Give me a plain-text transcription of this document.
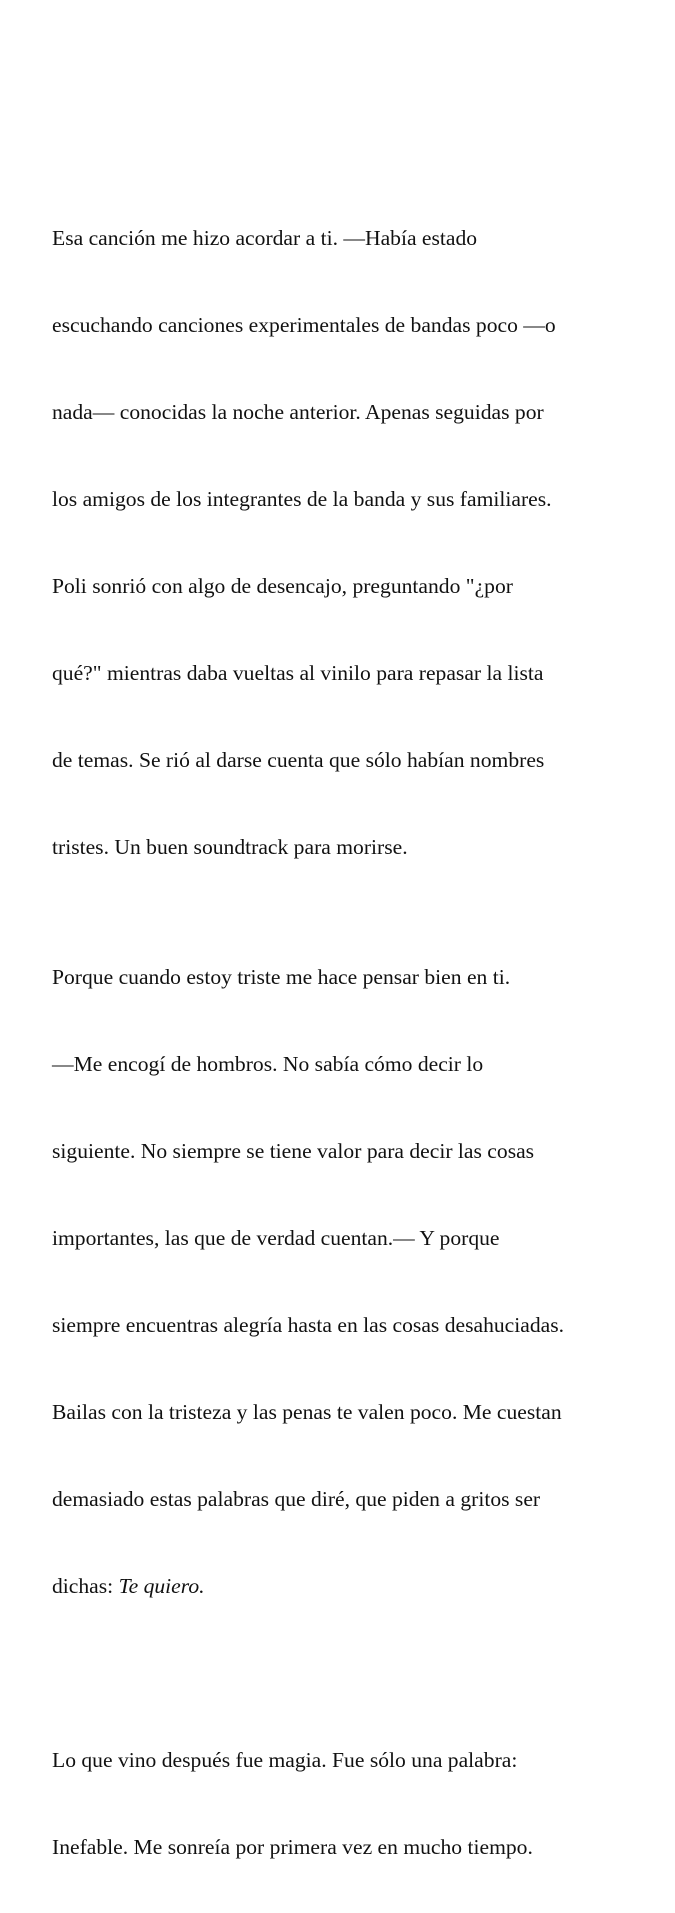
Esa canción me hizo acordar a ti. —Había estado

escuchando canciones experimentales de bandas poco —o

nada— conocidas la noche anterior. Apenas seguidas por

los amigos de los integrantes de la banda y sus familiares.

Poli sonrió con algo de desencajo, preguntando "¿por

qué?" mientras daba vueltas al vinilo para repasar la lista

de temas. Se rió al darse cuenta que sólo habían nombres

tristes. Un buen soundtrack para morirse.

Porque cuando estoy triste me hace pensar bien en ti.

—Me encogí de hombros. No sabía cómo decir lo

siguiente. No siempre se tiene valor para decir las cosas

importantes, las que de verdad cuentan.— Y porque

siempre encuentras alegría hasta en las cosas desahuciadas.

Bailas con la tristeza y las penas te valen poco. Me cuestan

demasiado estas palabras que diré, que piden a gritos ser

dichas: Te quiero.

Lo que vino después fue magia. Fue sólo una palabra:

Inefable. Me sonreía por primera vez en mucho tiempo.
